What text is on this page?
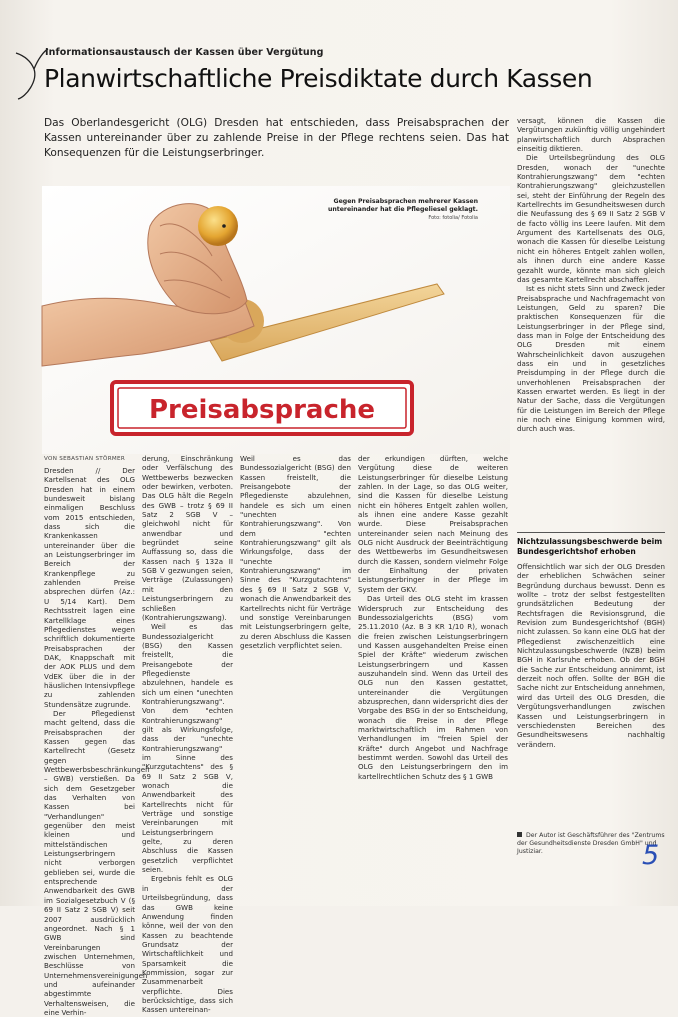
Informationsaustausch der Kassen über Vergütung
Planwirtschaftliche Preisdiktate durch Kassen
Das Oberlandesgericht (OLG) Dresden hat entschieden, dass Preisabsprachen der Kassen untereinander über zu zahlende Preise in der Pflege rechtens seien. Das hat Konsequenzen für die Leistungserbringer.
Preisabsprache
Gegen Preisabsprachen mehrerer Kassen untereinander hat die Pflegeliesel geklagt.
Foto: fotolia/ Fotolia
VON SEBASTIAN STÖRMER

Dresden // Der Kartellsenat des OLG Dresden hat in einem bundesweit bislang einmaligen Beschluss vom 2015 entschieden, dass sich die Krankenkassen untereinander über die an Leistungserbringer im Bereich der Krankenpflege zu zahlenden Preise absprechen dürfen (Az.: U 5/14 Kart). Dem Rechtsstreit lagen eine Kartellklage eines Pflegedienstes wegen schriftlich dokumentierte Preisabsprachen der DAK, Knappschaft mit der AOK PLUS und dem VdEK über die in der häuslichen Intensivpflege zu zahlenden Stundensätze zugrunde.

Der Pflegedienst macht geltend, dass die Preisabsprachen der Kassen gegen das Kartellrecht (Gesetz gegen Wettbewerbsbeschränkungen – GWB) verstießen. Da sich dem Gesetzgeber das Verhalten von Kassen bei "Verhandlungen" gegenüber den meist kleinen und mittelständischen Leistungserbringern nicht verborgen geblieben sei, wurde die entsprechende Anwendbarkeit des GWB im Sozialgesetzbuch V (§ 69 II Satz 2 SGB V) seit 2007 ausdrücklich angeordnet. Nach § 1 GWB sind Vereinbarungen zwischen Unternehmen, Beschlüsse von Unternehmensvereinigungen und aufeinander abgestimmte Verhaltensweisen, die eine Verhin-

derung, Einschränkung oder Verfälschung des Wettbewerbs bezwecken oder bewirken, verboten. Das OLG hält die Regeln des GWB – trotz § 69 II Satz 2 SGB V – gleichwohl nicht für anwendbar und begründet seine Auffassung so, dass die Kassen nach § 132a II SGB V gezwungen seien, Verträge (Zulassungen) mit den Leistungserbringern zu schließen (Kontrahierungszwang).

Weil es das Bundessozialgericht (BSG) den Kassen freistellt, die Preisangebote der Pflegedienste abzulehnen, handele es sich um einen "unechten Kontrahierungszwang". Von dem "echten Kontrahierungszwang" gilt als Wirkungsfolge, dass der "unechte Kontrahierungszwang" im Sinne des "Kurzgutachtens" des § 69 II Satz 2 SGB V, wonach die Anwendbarkeit des Kartellrechts nicht für Verträge und sonstige Vereinbarungen mit Leistungserbringern gelte, zu deren Abschluss die Kassen gesetzlich verpflichtet seien.

Ergebnis fehlt es OLG in der Urteilsbegründung, dass das GWB keine Anwendung finden könne, weil der von den Kassen zu beachtende Grundsatz der Wirtschaftlichkeit und Sparsamkeit die Kommission, sogar zur Zusammenarbeit verpflichte. Dies berücksichtige, dass sich Kassen untereinan-

der erkundigen dürften, welche Vergütung diese de weiteren Leistungserbringer für dieselbe Leistung zahlen. In der Lage, so das OLG weiter, sind die Kassen für dieselbe Leistung nicht ein höheres Entgelt zahlen wollen, als ihnen eine andere Kasse gezahlt wurde. Diese Preisabsprachen untereinander seien nach Meinung des OLG nicht Ausdruck der Beeinträchtigung des Wettbewerbs im Gesundheitswesen durch die Kassen, sondern vielmehr Folge der Einhaltung der privaten Leistungserbringer in der Pflege im System der GKV.

Das Urteil des OLG steht im krassen Widerspruch zur Entscheidung des Bundessozialgerichts (BSG) vom 25.11.2010 (Az. B 3 KR 1/10 R), wonach die freien zwischen Leistungserbringern und Kassen ausgehandelten Preise einen Spiel der Kräfte" wiederum zwischen Leistungserbringern und Kassen auszuhandeln sind. Wenn das Urteil des OLG nun den Kassen gestattet, untereinander die Vergütungen abzusprechen, dann widerspricht dies der Vorgabe des BSG in der so Entscheidung, wonach die Preise in der Pflege marktwirtschaftlich im Rahmen von Verhandlungen im "freien Spiel der Kräfte" durch Angebot und Nachfrage bestimmt werden. Sowohl das Urteil des OLG den Leistungserbringern den im kartellrechtlichen Schutz des § 1 GWB

Weil es das Bundessozialgericht (BSG) den Kassen freistellt, die Preisangebote der Pflegedienste abzulehnen, handele es sich um einen "unechten Kontrahierungszwang". Von dem "echten Kontrahierungszwang" gilt als Wirkungsfolge, dass der "unechte Kontrahierungszwang" im Sinne des "Kurzgutachtens" des § 69 II Satz 2 SGB V, wonach die Anwendbarkeit des Kartellrechts nicht für Verträge und sonstige Vereinbarungen mit Leistungserbringern gelte, zu deren Abschluss die Kassen gesetzlich verpflichtet seien.

versagt, können die Kassen die Vergütungen zukünftig völlig ungehindert planwirtschaftlich durch Absprachen einseitig diktieren.

Die Urteilsbegründung des OLG Dresden, wonach der "unechte Kontrahierungszwang" dem "echten Kontrahierungszwang" gleichzustellen sei, steht der Einführung der Regeln des Kartellrechts im Gesundheitswesen durch die Neufassung des § 69 II Satz 2 SGB V de facto völlig ins Leere laufen. Mit dem Argument des Kartellsenats des OLG, wonach die Kassen für dieselbe Leistung nicht ein höheres Entgelt zahlen wollen, als ihnen durch eine andere Kasse gezahlt wurde, könnte man sich gleich das gesamte Kartellrecht abschaffen.

Ist es nicht stets Sinn und Zweck jeder Preisabsprache und Nachfragemacht von Leistungen, Geld zu sparen? Die praktischen Konsequenzen für die Leistungserbringer in der Pflege sind, dass man in Folge der Entscheidung des OLG Dresden mit einem Wahrscheinlichkeit davon auszugehen dass ein und in gesetzliches Preisdumping in der Pflege durch die unverhohlenen Preisabsprachen der Kassen erwartet werden. Es liegt in der Natur der Sache, dass die Vergütungen für die Leistungen im Bereich der Pflege nie noch eine Einigung kommen wird, durch auch was.

Nichtzulassungsbeschwerde beim Bundesgerichtshof erhoben

Offensichtlich war sich der OLG Dresden der erheblichen Schwächen seiner Begründung durchaus bewusst. Denn es wollte – trotz der selbst festgestellten grundsätzlichen Bedeutung der Rechtsfragen die Revisionsgrund, die Revision zum Bundesgerichtshof (BGH) nicht zulassen. So kann eine OLG hat der Pflegedienst zwischenzeitlich eine Nichtzulassungsbeschwerde (NZB) beim BGH in Karlsruhe erhoben. Ob der BGH die Sache zur Entscheidung annimmt, ist derzeit noch offen. Sollte der BGH die Sache nicht zur Entscheidung annehmen, wird das Urteil des OLG Dresden, die Vergütungsverhandlungen zwischen Kassen und Leistungserbringern in verschiedensten Bereichen des Gesundheitswesens nachhaltig verändern.

Der Autor ist Geschäftsführer des "Zentrums der Gesundheitsdienste Dresden GmbH" und Justiziar.	5
